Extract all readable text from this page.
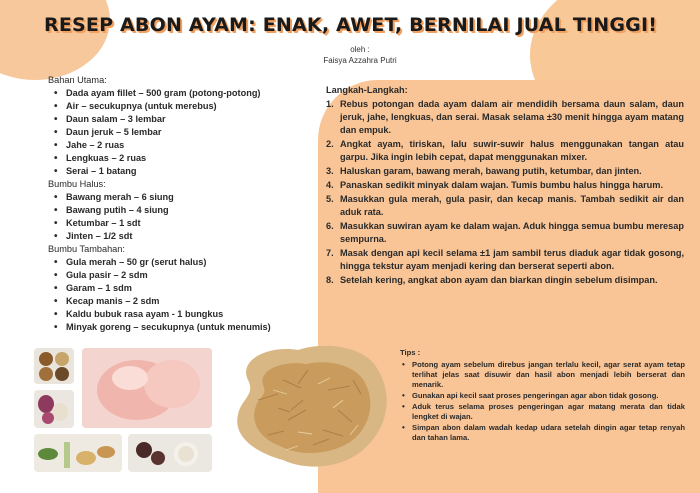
RESEP ABON AYAM: ENAK, AWET, BERNILAI JUAL TINGGI!
oleh :
Faisya Azzahra Putri
Bahan Utama:
• Dada ayam fillet – 500 gram (potong-potong)
• Air – secukupnya (untuk merebus)
• Daun salam – 3 lembar
• Daun jeruk – 5 lembar
• Jahe – 2 ruas
• Lengkuas – 2 ruas
• Serai – 1 batang
Bumbu Halus:
• Bawang merah – 6 siung
• Bawang putih – 4 siung
• Ketumbar – 1 sdt
• Jinten – 1/2 sdt
Bumbu Tambahan:
• Gula merah – 50 gr (serut halus)
• Gula pasir – 2 sdm
• Garam – 1 sdm
• Kecap manis – 2 sdm
• Kaldu bubuk rasa ayam - 1 bungkus
• Minyak goreng – secukupnya (untuk menumis)
Langkah-Langkah:
1. Rebus potongan dada ayam dalam air mendidih bersama daun salam, daun jeruk, jahe, lengkuas, dan serai. Masak selama ±30 menit hingga ayam matang dan empuk.
2. Angkat ayam, tiriskan, lalu suwir-suwir halus menggunakan tangan atau garpu. Jika ingin lebih cepat, dapat menggunakan mixer.
3. Haluskan garam, bawang merah, bawang putih, ketumbar, dan jinten.
4. Panaskan sedikit minyak dalam wajan. Tumis bumbu halus hingga harum.
5. Masukkan gula merah, gula pasir, dan kecap manis. Tambah sedikit air dan aduk rata.
6. Masukkan suwiran ayam ke dalam wajan. Aduk hingga semua bumbu meresap sempurna.
7. Masak dengan api kecil selama ±1 jam sambil terus diaduk agar tidak gosong, hingga tekstur ayam menjadi kering dan berserat seperti abon.
8. Setelah kering, angkat abon ayam dan biarkan dingin sebelum disimpan.
Tips :
• Potong ayam sebelum direbus jangan terlalu kecil, agar serat ayam tetap terlihat jelas saat disuwir dan hasil abon menjadi lebih berserat dan menarik.
• Gunakan api kecil saat proses pengeringan agar abon tidak gosong.
• Aduk terus selama proses pengeringan agar matang merata dan tidak lengket di wajan.
• Simpan abon dalam wadah kedap udara setelah dingin agar tetap renyah dan tahan lama.
